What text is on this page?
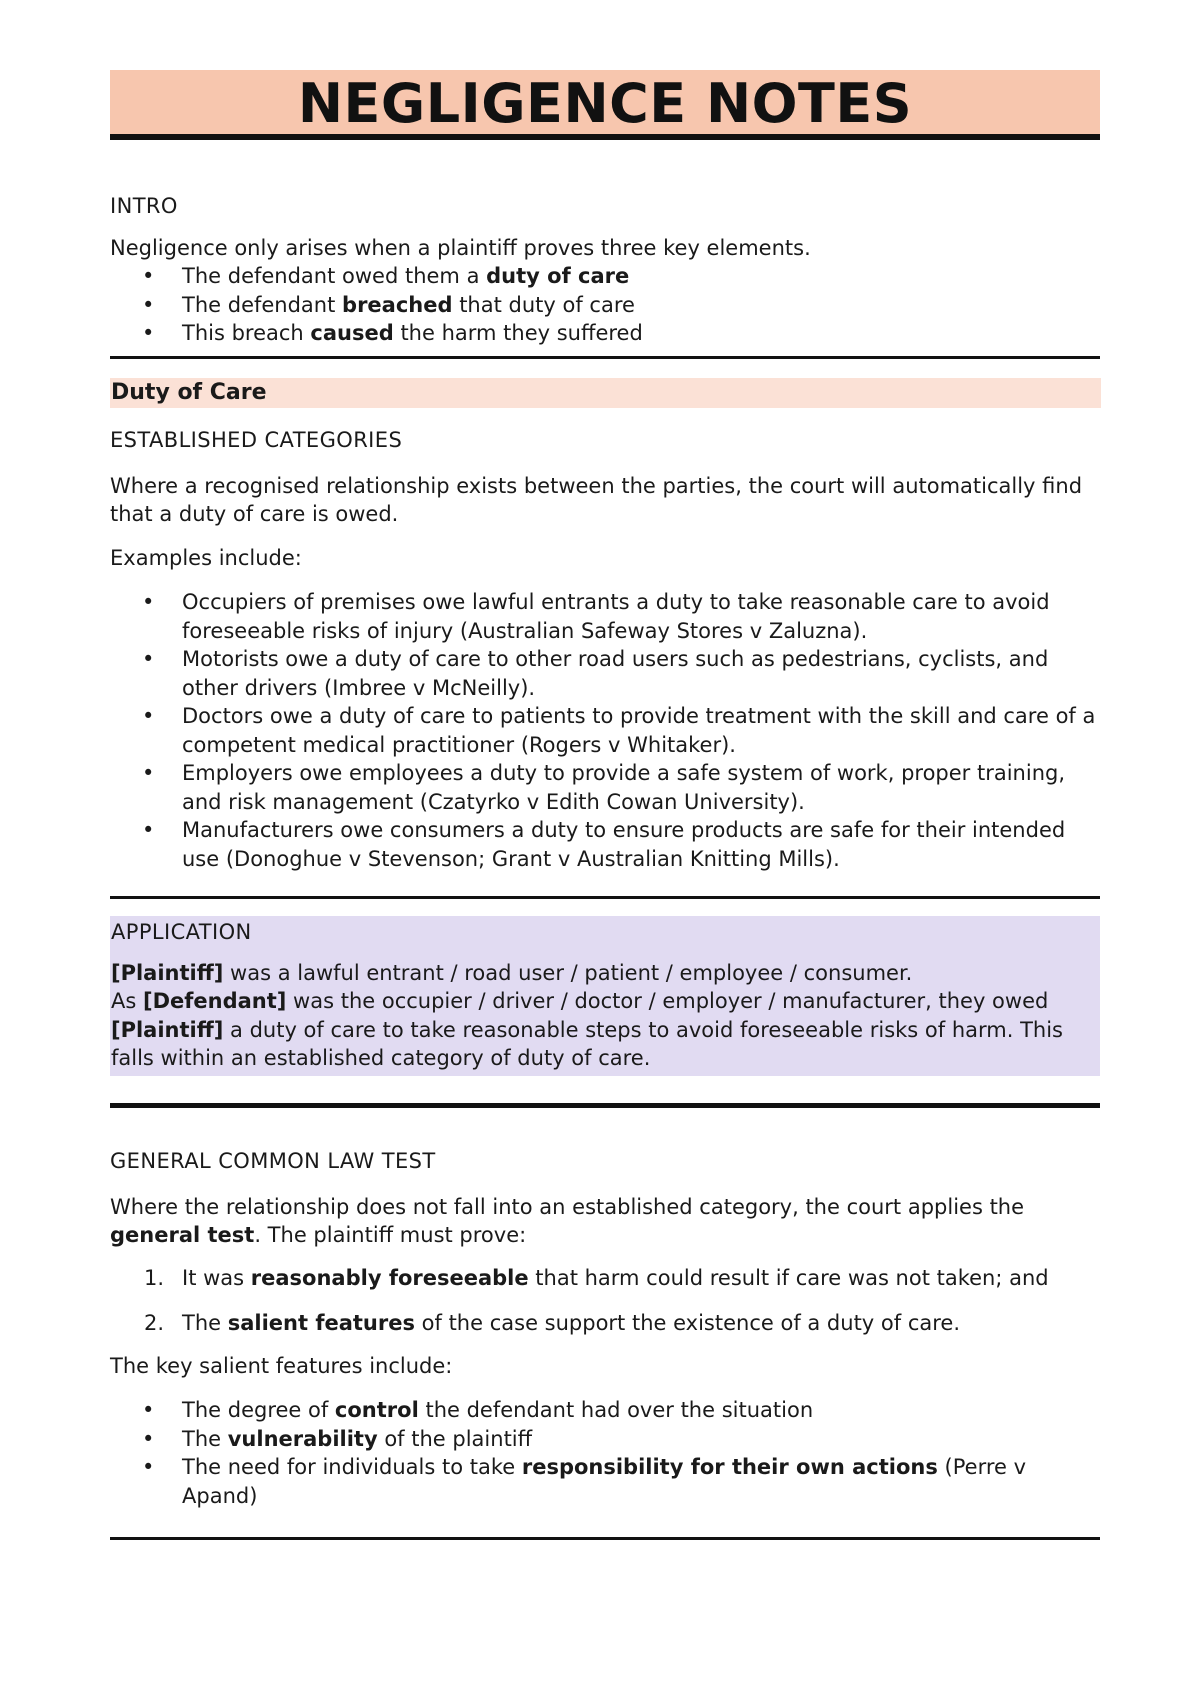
NEGLIGENCE NOTES

INTRO

Negligence only arises when a plaintiff proves three key elements.

• The defendant owed them a duty of care
• The defendant breached that duty of care
• This breach caused the harm they suffered
Duty of Care

ESTABLISHED CATEGORIES

Where a recognised relationship exists between the parties, the court will automatically find that a duty of care is owed.

Examples include:

• Occupiers of premises owe lawful entrants a duty to take reasonable care to avoid foreseeable risks of injury (Australian Safeway Stores v Zaluzna).
• Motorists owe a duty of care to other road users such as pedestrians, cyclists, and other drivers (Imbree v McNeilly).
• Doctors owe a duty of care to patients to provide treatment with the skill and care of a competent medical practitioner (Rogers v Whitaker).
• Employers owe employees a duty to provide a safe system of work, proper training, and risk management (Czatyrko v Edith Cowan University).
• Manufacturers owe consumers a duty to ensure products are safe for their intended use (Donoghue v Stevenson; Grant v Australian Knitting Mills).

APPLICATION

[Plaintiff] was a lawful entrant / road user / patient / employee / consumer.
As [Defendant] was the occupier / driver / doctor / employer / manufacturer, they owed
[Plaintiff] a duty of care to take reasonable steps to avoid foreseeable risks of harm. This falls within an established category of duty of care.

GENERAL COMMON LAW TEST

Where the relationship does not fall into an established category, the court applies the general test. The plaintiff must prove:

1. It was reasonably foreseeable that harm could result if care was not taken; and
2. The salient features of the case support the existence of a duty of care.

The key salient features include:

• The degree of control the defendant had over the situation
• The vulnerability of the plaintiff
• The need for individuals to take responsibility for their own actions (Perre v Apand)
